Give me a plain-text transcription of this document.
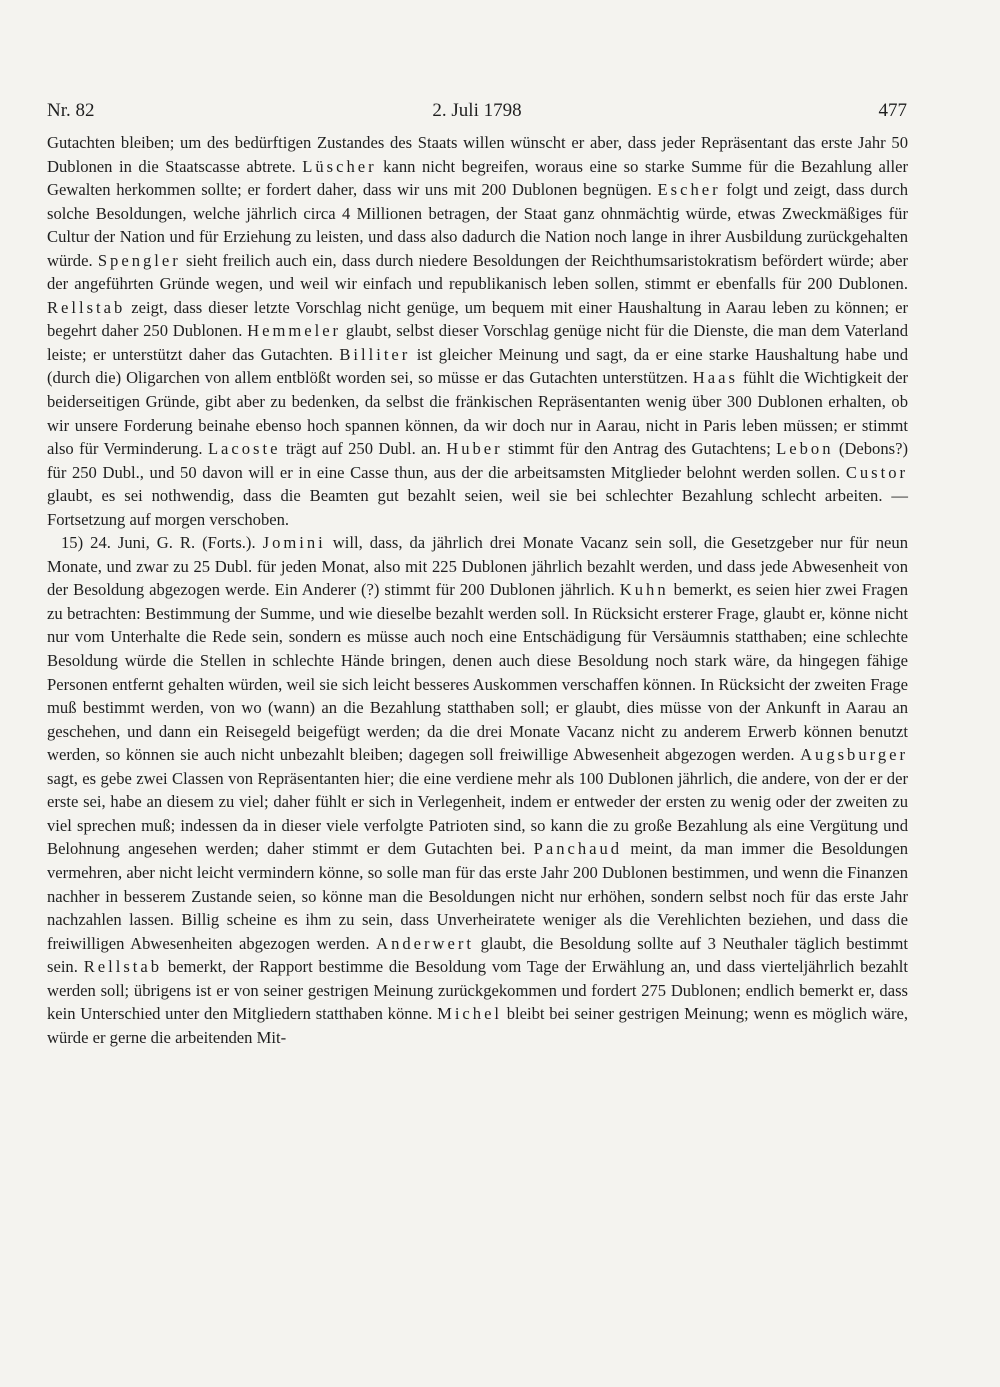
Nr. 82	2. Juli 1798	477

Gutachten bleiben; um des bedürftigen Zustandes des Staats willen wünscht er aber, dass jeder Repräsentant das erste Jahr 50 Dublonen in die Staatscasse abtrete. Lüscher kann nicht begreifen, woraus eine so starke Summe für die Bezahlung aller Gewalten herkommen sollte; er fordert daher, dass wir uns mit 200 Dublonen begnügen. Escher folgt und zeigt, dass durch solche Besoldungen, welche jährlich circa 4 Millionen betragen, der Staat ganz ohnmächtig würde, etwas Zweckmäßiges für Cultur der Nation und für Erziehung zu leisten, und dass also dadurch die Nation noch lange in ihrer Ausbildung zurückgehalten würde. Spengler sieht freilich auch ein, dass durch niedere Besoldungen der Reichthumsaristokratism befördert würde; aber der angeführten Gründe wegen, und weil wir einfach und republikanisch leben sollen, stimmt er ebenfalls für 200 Dublonen. Rellstab zeigt, dass dieser letzte Vorschlag nicht genüge, um bequem mit einer Haushaltung in Aarau leben zu können; er begehrt daher 250 Dublonen. Hemmeler glaubt, selbst dieser Vorschlag genüge nicht für die Dienste, die man dem Vaterland leiste; er unterstützt daher das Gutachten. Billiter ist gleicher Meinung und sagt, da er eine starke Haushaltung habe und (durch die) Oligarchen von allem entblößt worden sei, so müsse er das Gutachten unterstützen. Haas fühlt die Wichtigkeit der beiderseitigen Gründe, gibt aber zu bedenken, da selbst die fränkischen Repräsentanten wenig über 300 Dublonen erhalten, ob wir unsere Forderung beinahe ebenso hoch spannen können, da wir doch nur in Aarau, nicht in Paris leben müssen; er stimmt also für Verminderung. Lacoste trägt auf 250 Dubl. an. Huber stimmt für den Antrag des Gutachtens; Lebon (Debons?) für 250 Dubl., und 50 davon will er in eine Casse thun, aus der die arbeitsamsten Mitglieder belohnt werden sollen. Custor glaubt, es sei nothwendig, dass die Beamten gut bezahlt seien, weil sie bei schlechter Bezahlung schlecht arbeiten. — Fortsetzung auf morgen verschoben.

15) 24. Juni, G. R. (Forts.). Jomini will, dass, da jährlich drei Monate Vacanz sein soll, die Gesetzgeber nur für neun Monate, und zwar zu 25 Dubl. für jeden Monat, also mit 225 Dublonen jährlich bezahlt werden, und dass jede Abwesenheit von der Besoldung abgezogen werde. Ein Anderer (?) stimmt für 200 Dublonen jährlich. Kuhn bemerkt, es seien hier zwei Fragen zu betrachten: Bestimmung der Summe, und wie dieselbe bezahlt werden soll. In Rücksicht ersterer Frage, glaubt er, könne nicht nur vom Unterhalte die Rede sein, sondern es müsse auch noch eine Entschädigung für Versäumnis statthaben; eine schlechte Besoldung würde die Stellen in schlechte Hände bringen, denen auch diese Besoldung noch stark wäre, da hingegen fähige Personen entfernt gehalten würden, weil sie sich leicht besseres Auskommen verschaffen können. In Rücksicht der zweiten Frage muß bestimmt werden, von wo (wann) an die Bezahlung statthaben soll; er glaubt, dies müsse von der Ankunft in Aarau an geschehen, und dann ein Reisegeld beigefügt werden; da die drei Monate Vacanz nicht zu anderem Erwerb können benutzt werden, so können sie auch nicht unbezahlt bleiben; dagegen soll freiwillige Abwesenheit abgezogen werden. Augsburger sagt, es gebe zwei Classen von Repräsentanten hier; die eine verdiene mehr als 100 Dublonen jährlich, die andere, von der er der erste sei, habe an diesem zu viel; daher fühlt er sich in Verlegenheit, indem er entweder der ersten zu wenig oder der zweiten zu viel sprechen muß; indessen da in dieser viele verfolgte Patrioten sind, so kann die zu große Bezahlung als eine Vergütung und Belohnung angesehen werden; daher stimmt er dem Gutachten bei. Panchaud meint, da man immer die Besoldungen vermehren, aber nicht leicht vermindern könne, so solle man für das erste Jahr 200 Dublonen bestimmen, und wenn die Finanzen nachher in besserem Zustande seien, so könne man die Besoldungen nicht nur erhöhen, sondern selbst noch für das erste Jahr nachzahlen lassen. Billig scheine es ihm zu sein, dass Unverheiratete weniger als die Verehlichten beziehen, und dass die freiwilligen Abwesenheiten abgezogen werden. Anderwert glaubt, die Besoldung sollte auf 3 Neuthaler täglich bestimmt sein. Rellstab bemerkt, der Rapport bestimme die Besoldung vom Tage der Erwählung an, und dass vierteljährlich bezahlt werden soll; übrigens ist er von seiner gestrigen Meinung zurückgekommen und fordert 275 Dublonen; endlich bemerkt er, dass kein Unterschied unter den Mitgliedern statthaben könne. Michel bleibt bei seiner gestrigen Meinung; wenn es möglich wäre, würde er gerne die arbeitenden Mit-
